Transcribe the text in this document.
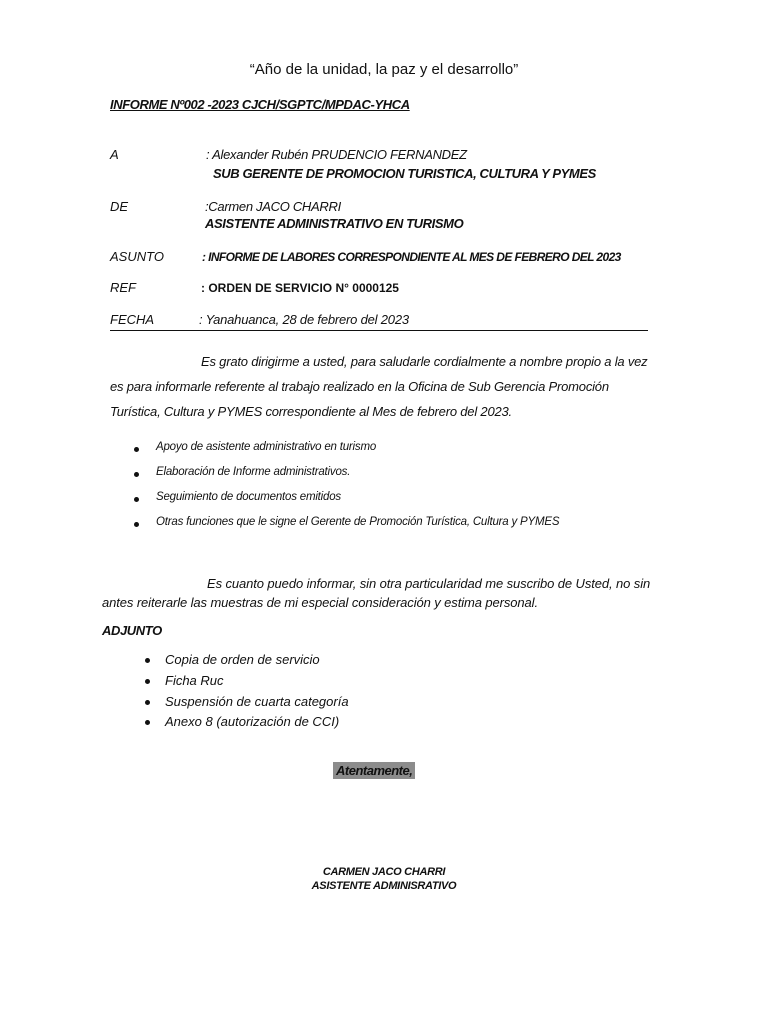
“Año de la unidad, la paz y el desarrollo”
INFORME Nº002 -2023 CJCH/SGPTC/MPDAC-YHCA
A	: Alexander Rubén PRUDENCIO FERNANDEZ
SUB GERENTE DE PROMOCION TURISTICA, CULTURA Y PYMES
DE	:Carmen JACO CHARRI
ASISTENTE ADMINISTRATIVO EN TURISMO
ASUNTO	: INFORME DE LABORES CORRESPONDIENTE AL MES DE FEBRERO DEL 2023
REF	: ORDEN DE SERVICIO N° 0000125
FECHA	: Yanahuanca, 28 de febrero del 2023
Es grato dirigirme a usted, para saludarle cordialmente a nombre propio a la vez
es para informarle referente al trabajo realizado en la Oficina de Sub Gerencia Promoción
Turística, Cultura y PYMES correspondiente al Mes de febrero del 2023.
Apoyo de asistente administrativo en turismo
Elaboración de Informe administrativos.
Seguimiento de documentos emitidos
Otras funciones que le signe el Gerente de Promoción Turística, Cultura y PYMES
Es cuanto puedo informar, sin otra particularidad me suscribo de Usted, no sin
antes reiterarle las muestras de mi especial consideración y estima personal.
ADJUNTO
Copia de orden de servicio
Ficha Ruc
Suspensión de cuarta categoría
Anexo 8 (autorización de CCI)
Atentamente,
CARMEN JACO CHARRI
ASISTENTE ADMINISRATIVO
